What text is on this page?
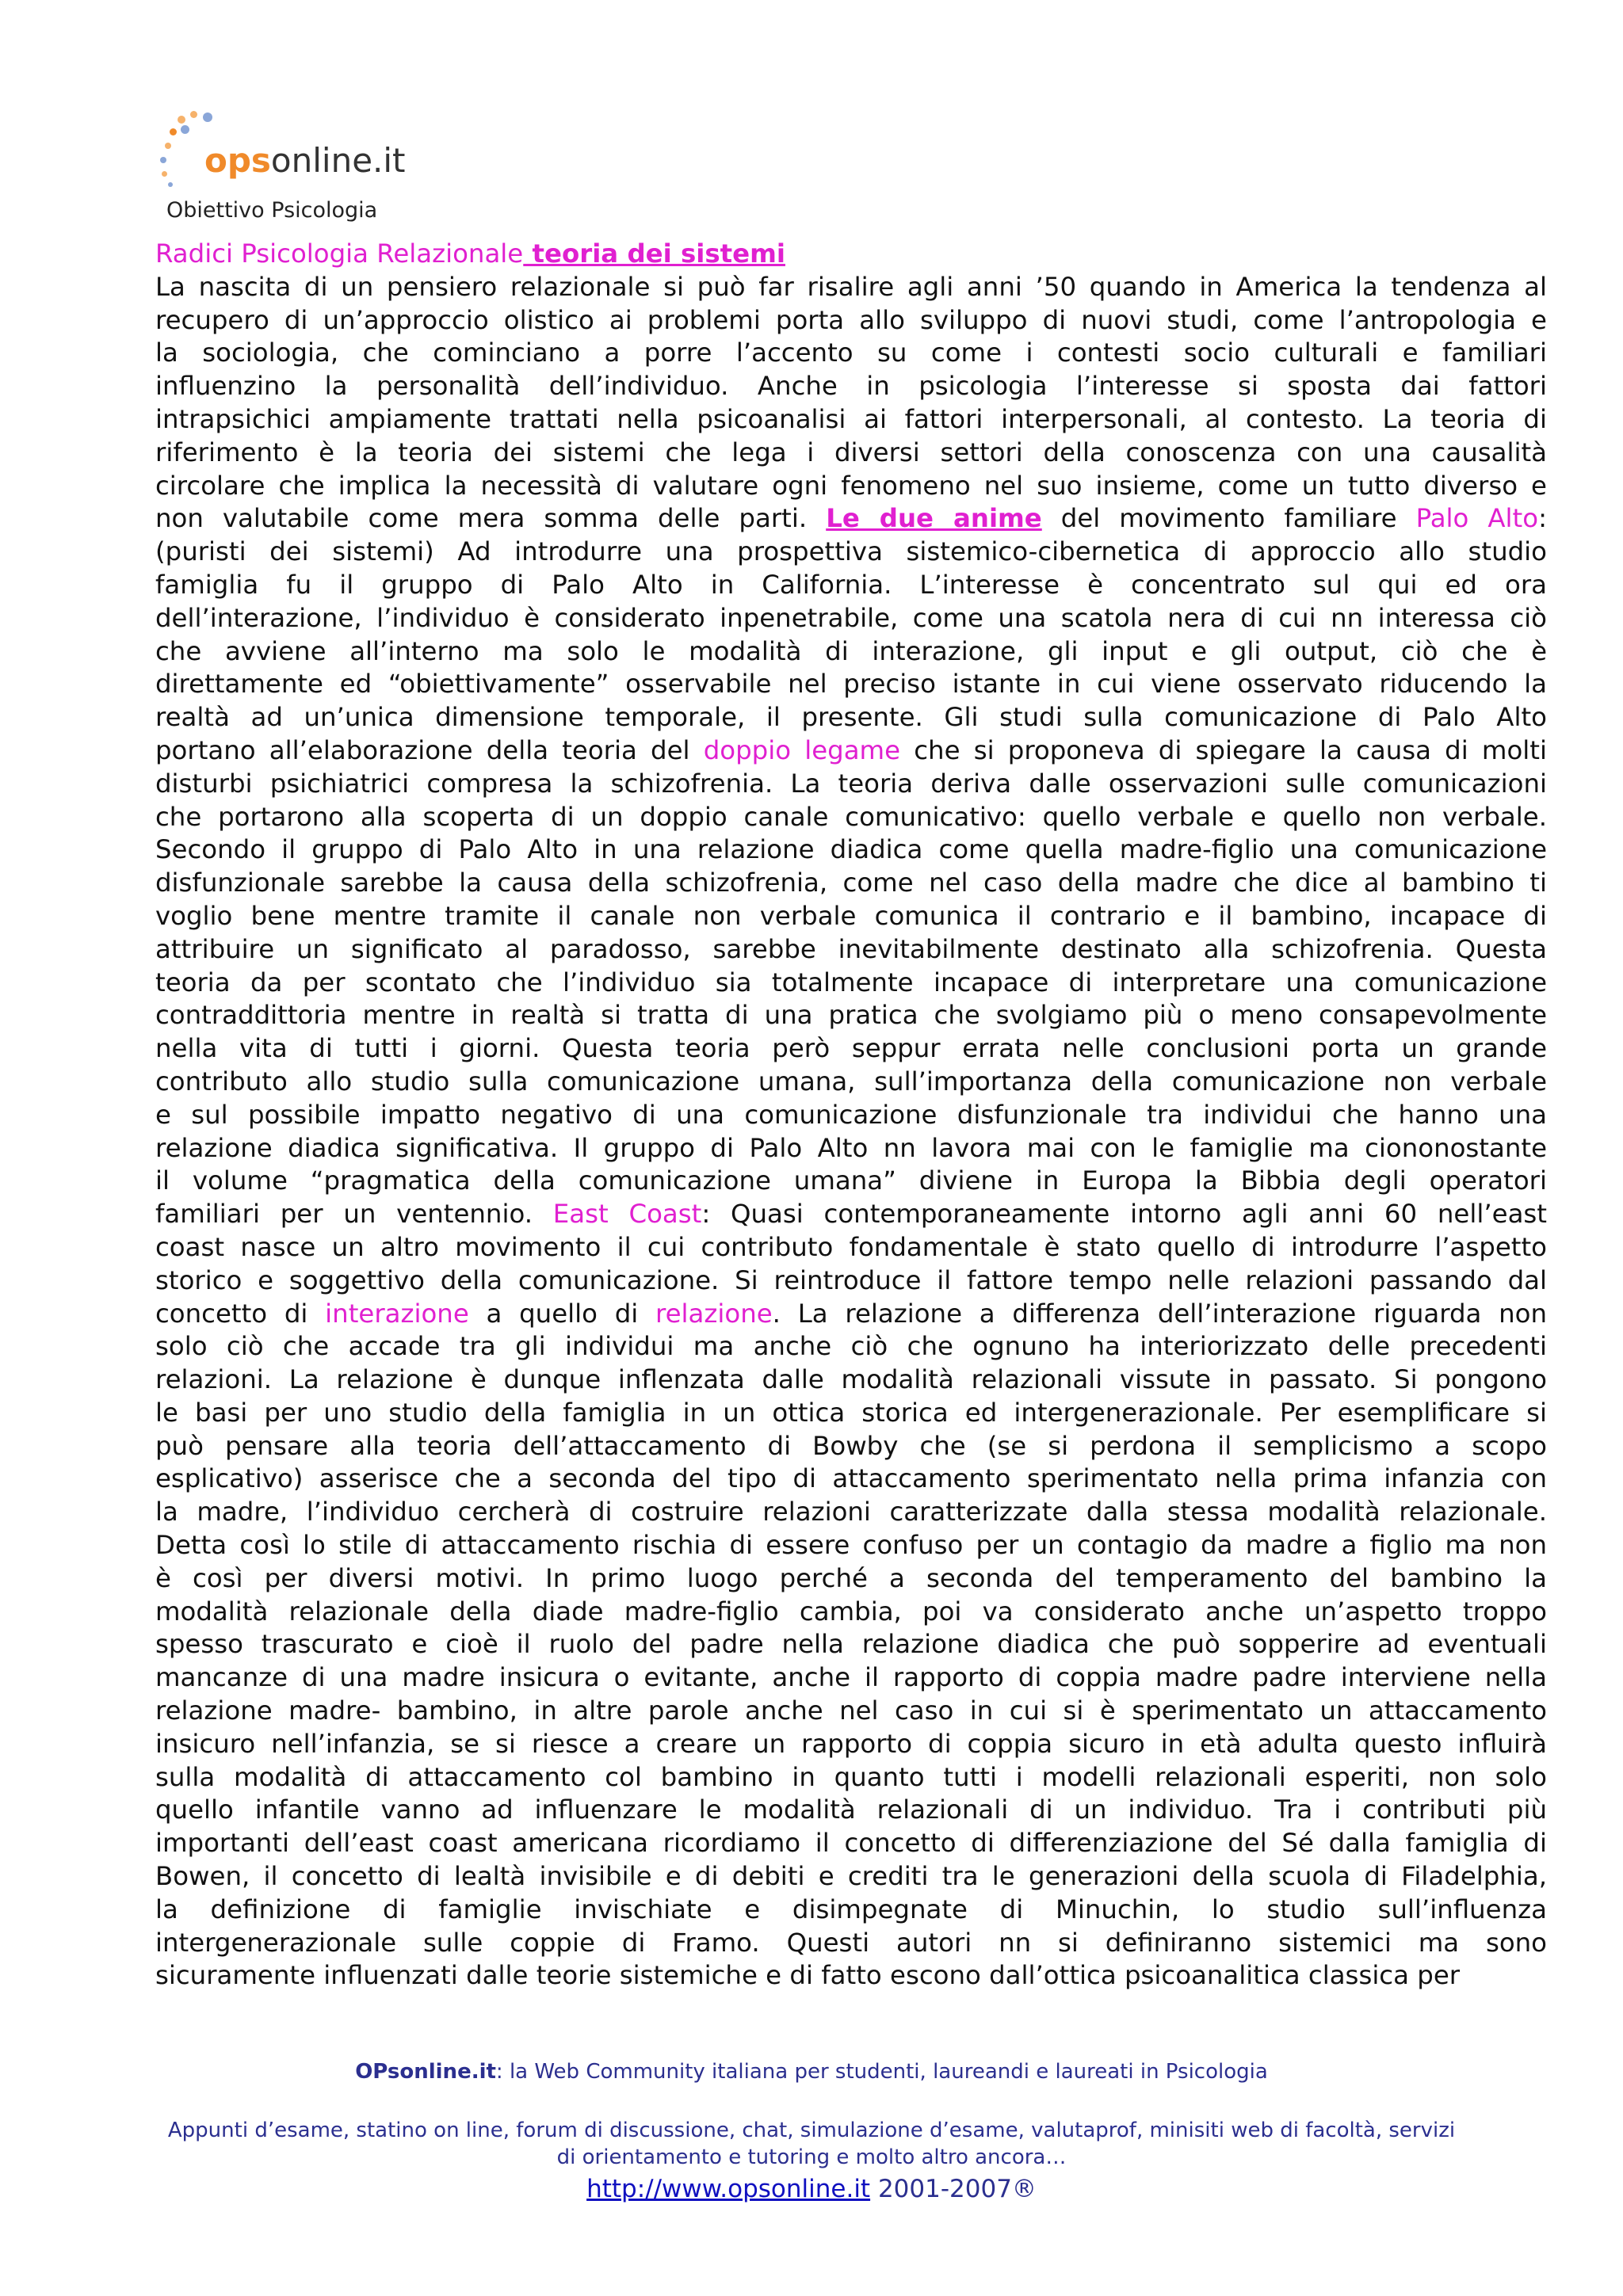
opsonline.it
Obiettivo Psicologia
Radici Psicologia Relazionale teoria dei sistemi
La nascita di un pensiero relazionale si può far risalire agli anni ’50 quando in America la tendenza al
recupero di un’approccio olistico ai problemi porta allo sviluppo di nuovi studi, come l’antropologia e
la sociologia, che cominciano a porre l’accento su come i contesti socio culturali e familiari
influenzino la personalità dell’individuo. Anche in psicologia l’interesse si sposta dai fattori
intrapsichici ampiamente trattati nella psicoanalisi ai fattori interpersonali, al contesto. La teoria di
riferimento è la teoria dei sistemi che lega i diversi settori della conoscenza con una causalità
circolare che implica la necessità di valutare ogni fenomeno nel suo insieme, come un tutto diverso e
non valutabile come mera somma delle parti. Le due anime del movimento familiare Palo Alto:
(puristi dei sistemi) Ad introdurre una prospettiva sistemico-cibernetica di approccio allo studio
famiglia fu il gruppo di Palo Alto in California. L’interesse è concentrato sul qui ed ora
dell’interazione, l’individuo è considerato inpenetrabile, come una scatola nera di cui nn interessa ciò
che avviene all’interno ma solo le modalità di interazione, gli input e gli output, ciò che è
direttamente ed “obiettivamente” osservabile nel preciso istante in cui viene osservato riducendo la
realtà ad un’unica dimensione temporale, il presente. Gli studi sulla comunicazione di Palo Alto
portano all’elaborazione della teoria del doppio legame che si proponeva di spiegare la causa di molti
disturbi psichiatrici compresa la schizofrenia. La teoria deriva dalle osservazioni sulle comunicazioni
che portarono alla scoperta di un doppio canale comunicativo: quello verbale e quello non verbale.
Secondo il gruppo di Palo Alto in una relazione diadica come quella madre-figlio una comunicazione
disfunzionale sarebbe la causa della schizofrenia, come nel caso della madre che dice al bambino ti
voglio bene mentre tramite il canale non verbale comunica il contrario e il bambino, incapace di
attribuire un significato al paradosso, sarebbe inevitabilmente destinato alla schizofrenia. Questa
teoria da per scontato che l’individuo sia totalmente incapace di interpretare una comunicazione
contraddittoria mentre in realtà si tratta di una pratica che svolgiamo più o meno consapevolmente
nella vita di tutti i giorni. Questa teoria però seppur errata nelle conclusioni porta un grande
contributo allo studio sulla comunicazione umana, sull’importanza della comunicazione non verbale
e sul possibile impatto negativo di una comunicazione disfunzionale tra individui che hanno una
relazione diadica significativa. Il gruppo di Palo Alto nn lavora mai con le famiglie ma ciononostante
il volume “pragmatica della comunicazione umana” diviene in Europa la Bibbia degli operatori
familiari per un ventennio. East Coast: Quasi contemporaneamente intorno agli anni 60 nell’east
coast nasce un altro movimento il cui contributo fondamentale è stato quello di introdurre l’aspetto
storico e soggettivo della comunicazione. Si reintroduce il fattore tempo nelle relazioni passando dal
concetto di interazione a quello di relazione. La relazione a differenza dell’interazione riguarda non
solo ciò che accade tra gli individui ma anche ciò che ognuno ha interiorizzato delle precedenti
relazioni. La relazione è dunque inflenzata dalle modalità relazionali vissute in passato. Si pongono
le basi per uno studio della famiglia in un ottica storica ed intergenerazionale. Per esemplificare si
può pensare alla teoria dell’attaccamento di Bowby che (se si perdona il semplicismo a scopo
esplicativo) asserisce che a seconda del tipo di attaccamento sperimentato nella prima infanzia con
la madre, l’individuo cercherà di costruire relazioni caratterizzate dalla stessa modalità relazionale.
Detta così lo stile di attaccamento rischia di essere confuso per un contagio da madre a figlio ma non
è così per diversi motivi. In primo luogo perché a seconda del temperamento del bambino la
modalità relazionale della diade madre-figlio cambia, poi va considerato anche un’aspetto troppo
spesso trascurato e cioè il ruolo del padre nella relazione diadica che può sopperire ad eventuali
mancanze di una madre insicura o evitante, anche il rapporto di coppia madre padre interviene nella
relazione madre- bambino, in altre parole anche nel caso in cui si è sperimentato un attaccamento
insicuro nell’infanzia, se si riesce a creare un rapporto di coppia sicuro in età adulta questo influirà
sulla modalità di attaccamento col bambino in quanto tutti i modelli relazionali esperiti, non solo
quello infantile vanno ad influenzare le modalità relazionali di un individuo. Tra i contributi più
importanti dell’east coast americana ricordiamo il concetto di differenziazione del Sé dalla famiglia di
Bowen, il concetto di lealtà invisibile e di debiti e crediti tra le generazioni della scuola di Filadelphia,
la definizione di famiglie invischiate e disimpegnate di Minuchin, lo studio sull’influenza
intergenerazionale sulle coppie di Framo. Questi autori nn si definiranno sistemici ma sono
sicuramente influenzati dalle teorie sistemiche e di fatto escono dall’ottica psicoanalitica classica per
OPsonline.it: la Web Community italiana per studenti, laureandi e laureati in Psicologia
Appunti d’esame, statino on line, forum di discussione, chat, simulazione d’esame, valutaprof, minisiti web di facoltà, servizi
di orientamento e tutoring e molto altro ancora…
http://www.opsonline.it 2001-2007®
